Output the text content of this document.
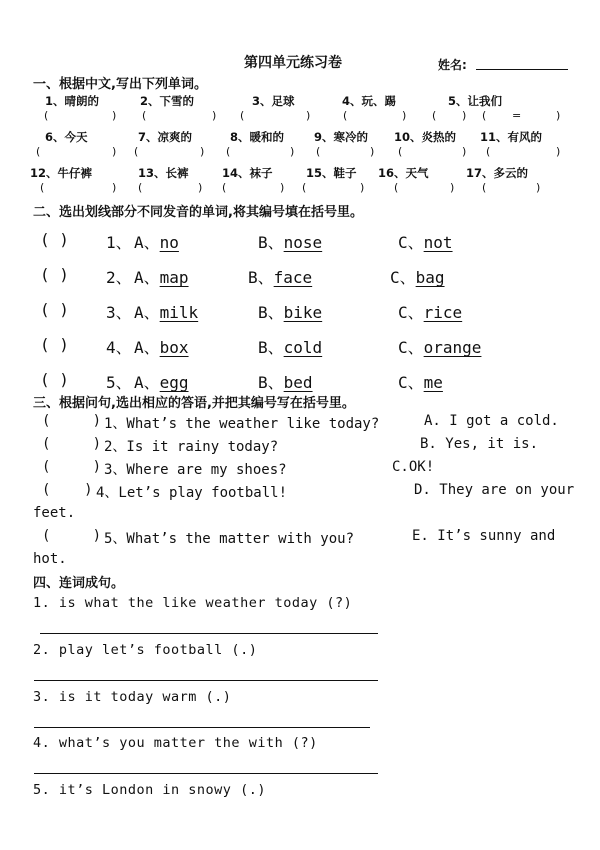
第四单元练习卷	姓名:
一、根据中文,写出下列单词。
1、晴朗的	2、下雪的	3、足球	4、玩、踢	5、让我们
(	) (	) (	)	(	) ( ) ( =	)
6、今天	7、凉爽的	8、暖和的	9、寒冷的 10、炎热的 11、有风的
(	) (	) (	) (	) (	) (	)
12、牛仔裤	13、长裤	14、袜子	15、鞋子 16、天气	17、多云的
(	) (	) (	) (	)	(	)	(	)
二、选出划线部分不同发音的单词,将其编号填在括号里。
( ) 1、 A、no	B、nose	C、not
( ) 2、 A、map	B、face	C、bag
( ) 3、 A、milk	B、bike	C、rice
( ) 4、 A、box	B、cold	C、orange
( ) 5、 A、egg	B、bed	C、me
三、根据问句,选出相应的答语,并把其编号写在括号里。
(     ) 1、What’s the weather like today?	A. I got a cold.
(     ) 2、Is it rainy today?	B. Yes, it is.
(     ) 3、Where are my shoes?	C.OK!
(    ) 4、Let’s play football!	D. They are on your
feet.
(     ) 5、What’s the matter with you?	E. It’s sunny and
hot.
四、连词成句。
1. is what the like weather today (?)
2. play let’s football (.)
3. is it today warm (.)
4. what’s you matter the with (?)
5. it’s London in snowy (.)
